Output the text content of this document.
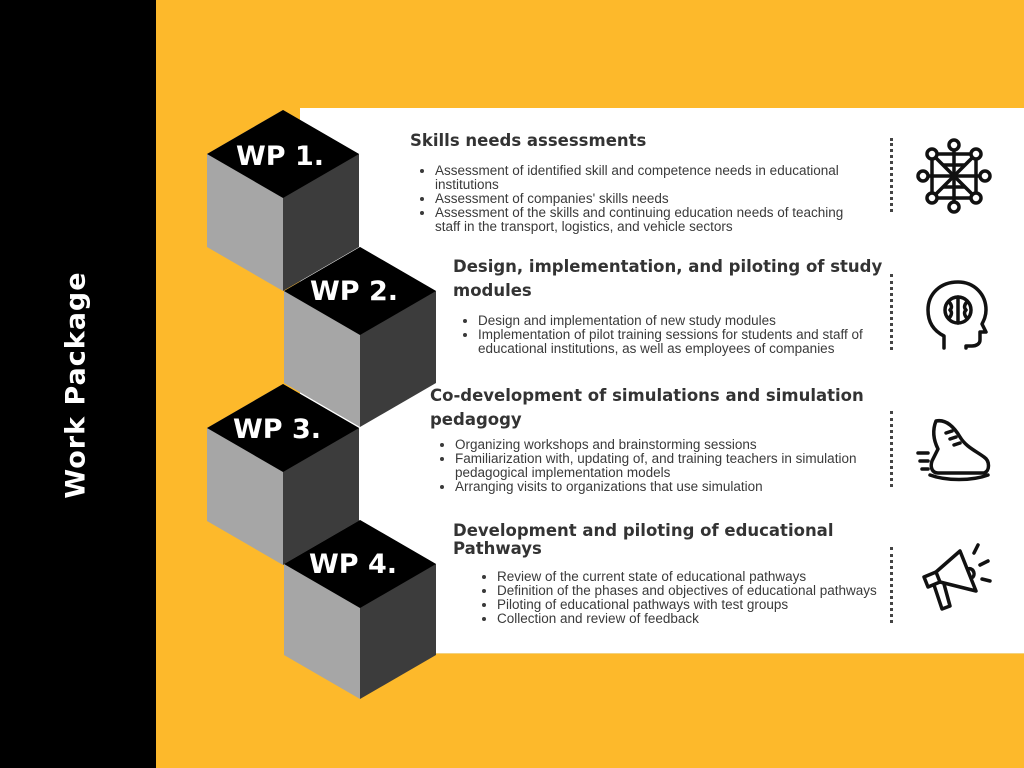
Work Package
Skills needs assessments
• Assessment of identified skill and competence needs in educational institutions
• Assessment of companies' skills needs
• Assessment of the skills and continuing education needs of teaching staff in the transport, logistics, and vehicle sectors
Design, implementation, and piloting of study modules
• Design and implementation of new study modules
• Implementation of pilot training sessions for students and staff of educational institutions, as well as employees of companies
Co-development of simulations and simulation pedagogy
• Organizing workshops and brainstorming sessions
• Familiarization with, updating of, and training teachers in simulation pedagogical implementation models
• Arranging visits to organizations that use simulation
Development and piloting of educational Pathways
• Review of the current state of educational pathways
• Definition of the phases and objectives of educational pathways
• Piloting of educational pathways with test groups
• Collection and review of feedback
WP 1.
WP 2.
WP 3.
WP 4.
